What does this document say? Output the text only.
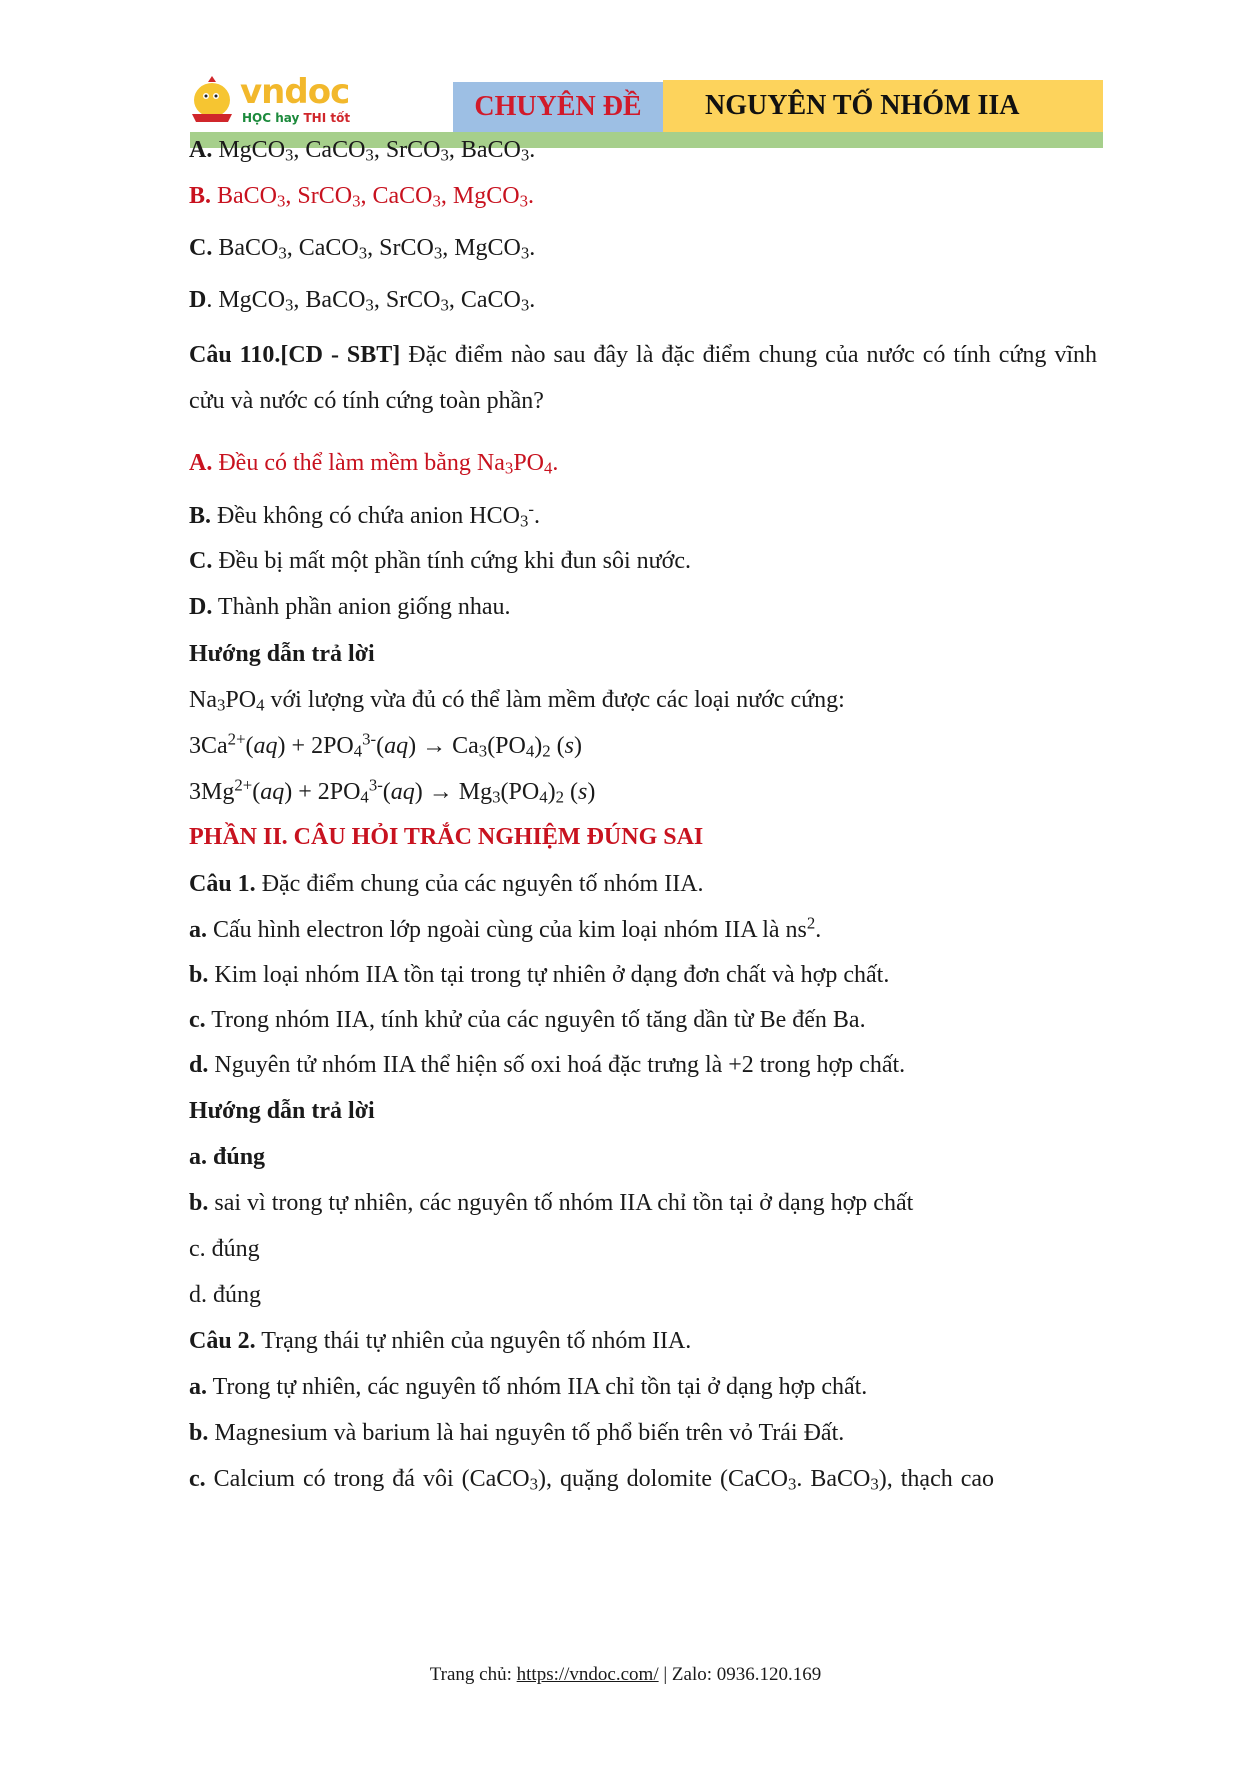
vndoc
HỌC hay THI tốt	CHUYÊN ĐỀ NGUYÊN TỐ NHÓM IIA
A. MgCO$_3$, CaCO$_3$, SrCO$_3$, BaCO$_3$.
B. BaCO$_3$, SrCO$_3$, CaCO$_3$, MgCO$_3$.
C. BaCO$_3$, CaCO$_3$, SrCO$_3$, MgCO$_3$.
D. MgCO$_3$, BaCO$_3$, SrCO$_3$, CaCO$_3$.
Câu 110.[CD - SBT] Đặc điểm nào sau đây là đặc điểm chung của nước có tính cứng vĩnh cửu và nước có tính cứng toàn phần?
A. Đều có thể làm mềm bằng $Na_3PO_4$.
B. Đều không có chứa anion $HCO_3^-$.
C. Đều bị mất một phần tính cứng khi đun sôi nước.
D. Thành phần anion giống nhau.
Hướng dẫn trả lời
$Na_3PO_4$ với lượng vừa đủ có thể làm mềm được các loại nước cứng:
$3Ca^{2+}(aq) + 2PO_4^{3-}(aq) \to Ca_3(PO_4)_2$ (s)
$3Mg^{2+}(aq) + 2PO_4^{3-}(aq) \to Mg_3(PO_4)_2$ (s)
PHẦN II. CÂU HỎI TRẮC NGHIỆM ĐÚNG SAI
Câu 1. Đặc điểm chung của các nguyên tố nhóm IIA.
a. Cấu hình electron lớp ngoài cùng của kim loại nhóm IIA là $ns^2$.
b. Kim loại nhóm IIA tồn tại trong tự nhiên ở dạng đơn chất và hợp chất.
c. Trong nhóm IIA, tính khử của các nguyên tố tăng dần từ Be đến Ba.
d. Nguyên tử nhóm IIA thể hiện số oxi hoá đặc trưng là +2 trong hợp chất.
Hướng dẫn trả lời
a. đúng
b. sai vì trong tự nhiên, các nguyên tố nhóm IIA chỉ tồn tại ở dạng hợp chất
c. đúng
d. đúng
Câu 2. Trạng thái tự nhiên của nguyên tố nhóm IIA.
a. Trong tự nhiên, các nguyên tố nhóm IIA chỉ tồn tại ở dạng hợp chất.
b. Magnesium và barium là hai nguyên tố phổ biến trên vỏ Trái Đất.
c. Calcium có trong đá vôi (CaCO$_3$), quặng dolomite (CaCO$_3$. BaCO$_3$), thạch cao
Trang chủ: https://vndoc.com/ | Zalo: 0936.120.169
